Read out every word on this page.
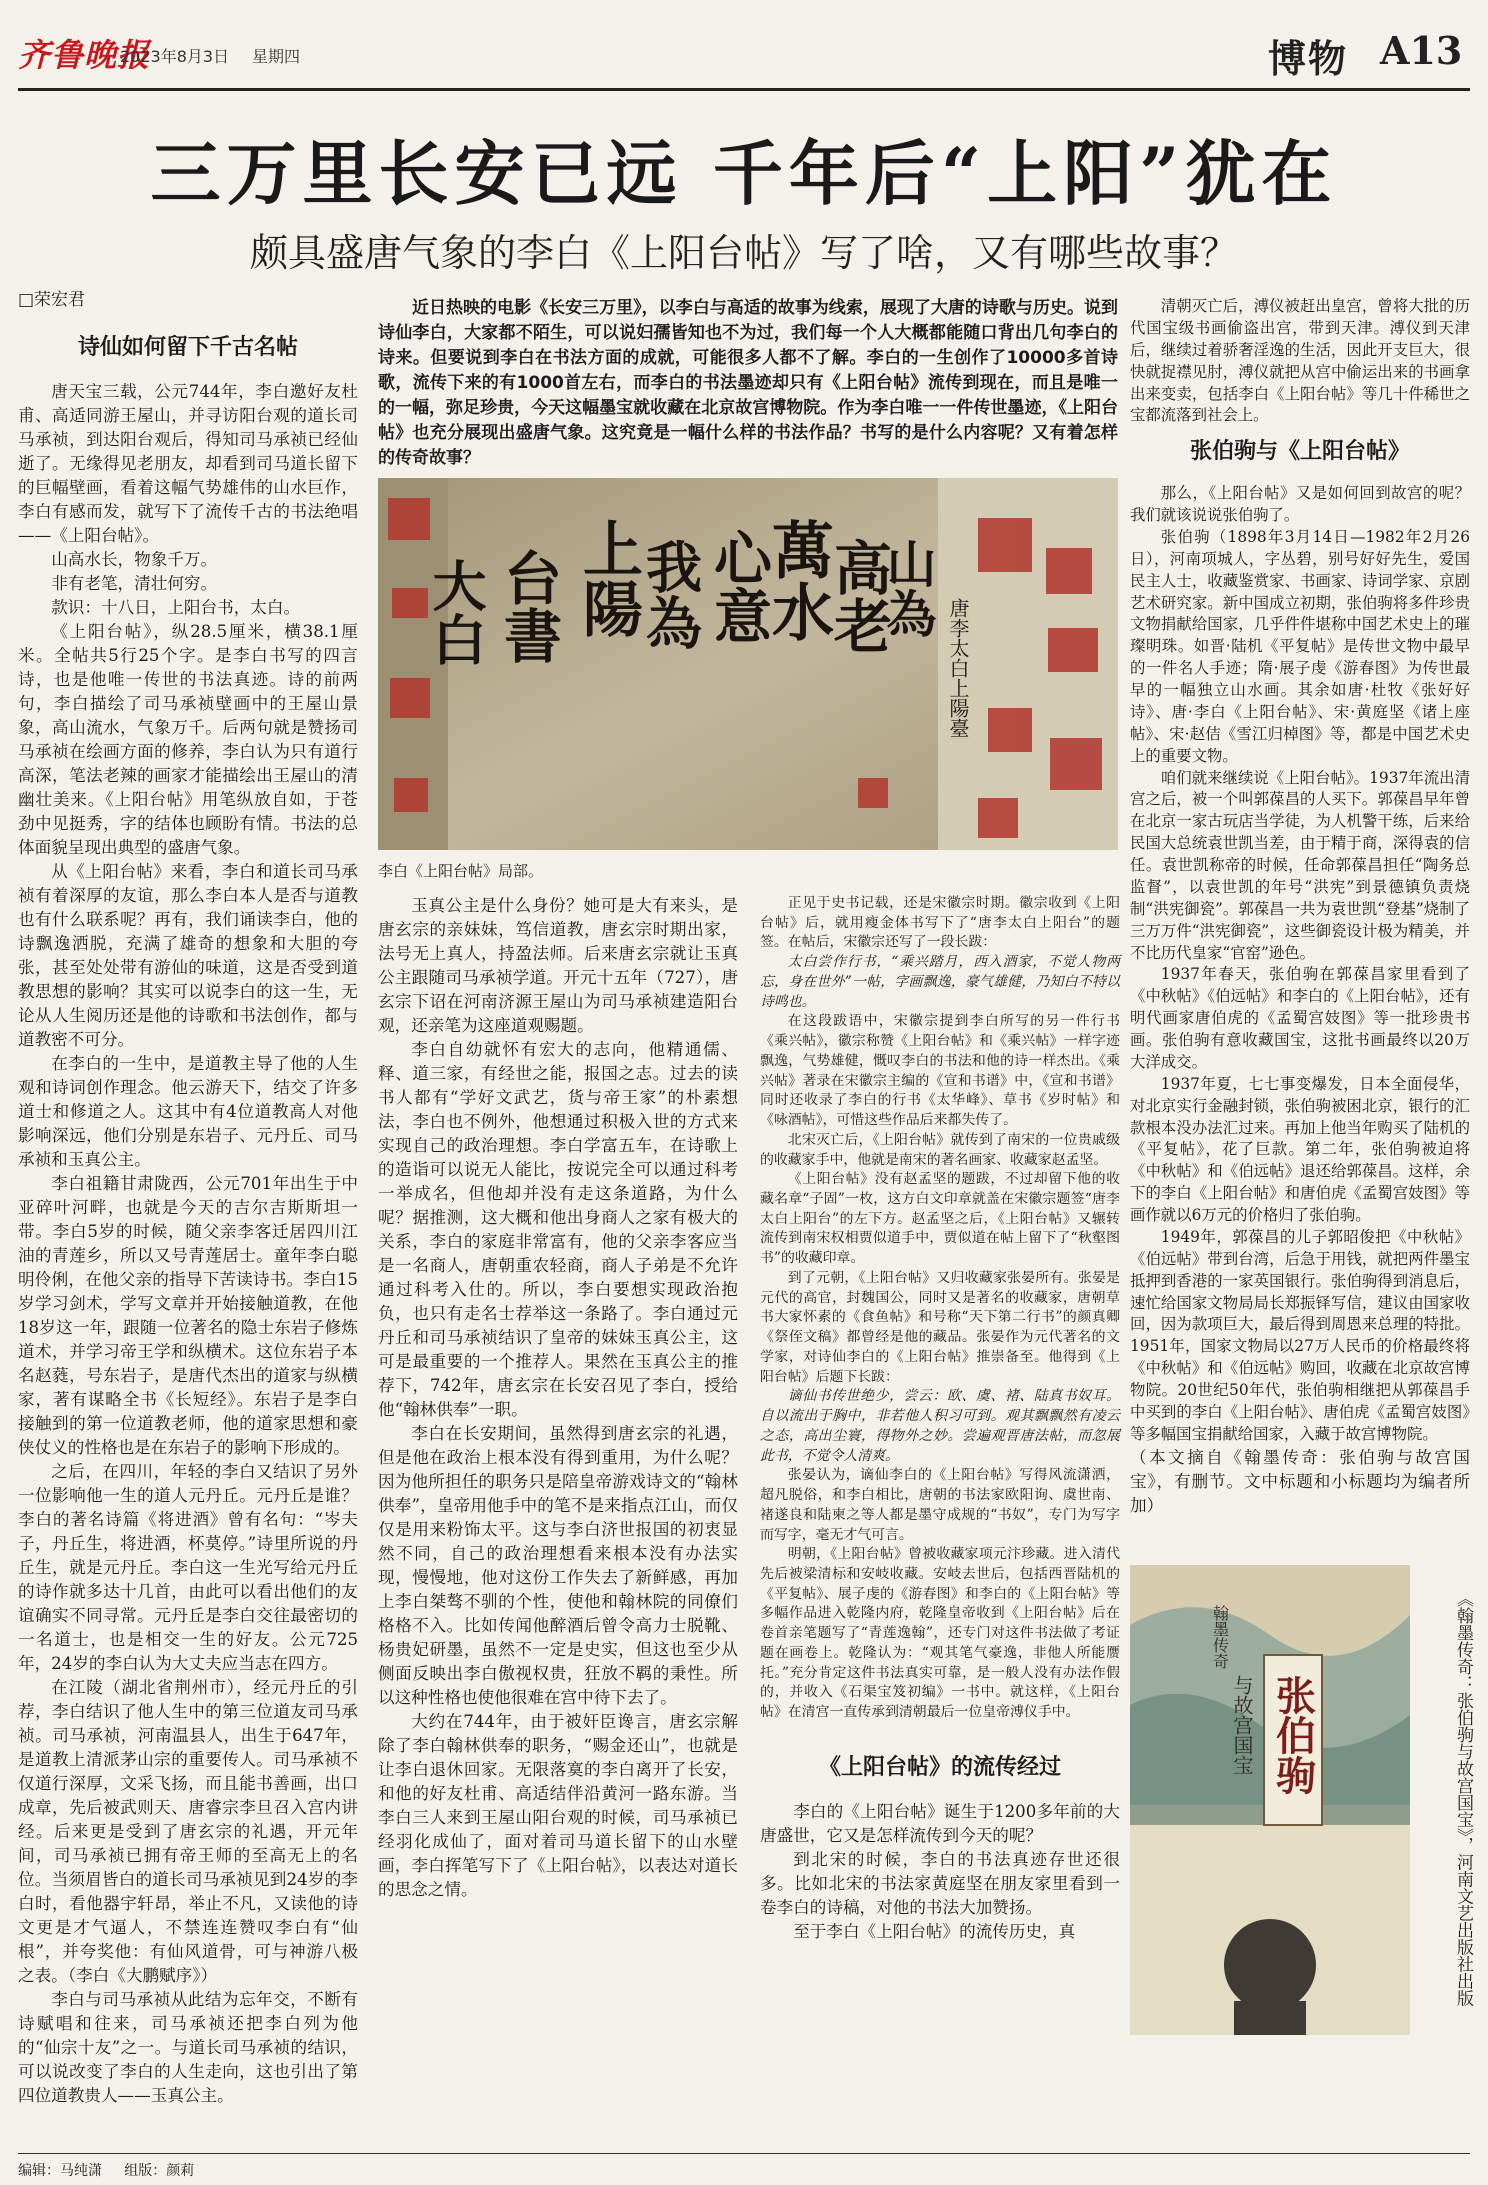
齐鲁晚报
2023年8月3日 星期四	博物 A13
三万里长安已远 千年后“上阳”犹在
颇具盛唐气象的李白《上阳台帖》写了啥，又有哪些故事？
□荣宏君
诗仙如何留下千古名帖

唐天宝三载，公元744年，李白邀好友杜甫、高适同游王屋山，并寻访阳台观的道长司马承祯，到达阳台观后，得知司马承祯已经仙逝了。无缘得见老朋友，却看到司马道长留下的巨幅壁画，看着这幅气势雄伟的山水巨作，李白有感而发，就写下了流传千古的书法绝唱——《上阳台帖》。

山高水长，物象千万。

非有老笔，清壮何穷。

款识：十八日，上阳台书，太白。

《上阳台帖》，纵28.5厘米，横38.1厘米。全帖共5行25个字。是李白书写的四言诗，也是他唯一传世的书法真迹。诗的前两句，李白描绘了司马承祯壁画中的王屋山景象，高山流水，气象万千。后两句就是赞扬司马承祯在绘画方面的修养，李白认为只有道行高深，笔法老辣的画家才能描绘出王屋山的清幽壮美来。《上阳台帖》用笔纵放自如，于苍劲中见挺秀，字的结体也顾盼有情。书法的总体面貌呈现出典型的盛唐气象。

从《上阳台帖》来看，李白和道长司马承祯有着深厚的友谊，那么李白本人是否与道教也有什么联系呢？再有，我们诵读李白，他的诗飘逸洒脱，充满了雄奇的想象和大胆的夸张，甚至处处带有游仙的味道，这是否受到道教思想的影响？其实可以说李白的这一生，无论从人生阅历还是他的诗歌和书法创作，都与道教密不可分。

在李白的一生中，是道教主导了他的人生观和诗词创作理念。他云游天下，结交了许多道士和修道之人。这其中有4位道教高人对他影响深远，他们分别是东岩子、元丹丘、司马承祯和玉真公主。

李白祖籍甘肃陇西，公元701年出生于中亚碎叶河畔，也就是今天的吉尔吉斯斯坦一带。李白5岁的时候，随父亲李客迁居四川江油的青莲乡，所以又号青莲居士。童年李白聪明伶俐，在他父亲的指导下苦读诗书。李白15岁学习剑术，学写文章并开始接触道教，在他18岁这一年，跟随一位著名的隐士东岩子修炼道术，并学习帝王学和纵横术。这位东岩子本名赵蕤，号东岩子，是唐代杰出的道家与纵横家，著有谋略全书《长短经》。东岩子是李白接触到的第一位道教老师，他的道家思想和豪侠仗义的性格也是在东岩子的影响下形成的。

之后，在四川，年轻的李白又结识了另外一位影响他一生的道人元丹丘。元丹丘是谁？李白的著名诗篇《将进酒》曾有名句：“岑夫子，丹丘生，将进酒，杯莫停。”诗里所说的丹丘生，就是元丹丘。李白这一生光写给元丹丘的诗作就多达十几首，由此可以看出他们的友谊确实不同寻常。元丹丘是李白交往最密切的一名道士，也是相交一生的好友。公元725年，24岁的李白认为大丈夫应当志在四方。

在江陵（湖北省荆州市），经元丹丘的引荐，李白结识了他人生中的第三位道友司马承祯。司马承祯，河南温县人，出生于647年，是道教上清派茅山宗的重要传人。司马承祯不仅道行深厚，文采飞扬，而且能书善画，出口成章，先后被武则天、唐睿宗李旦召入宫内讲经。后来更是受到了唐玄宗的礼遇，开元年间，司马承祯已拥有帝王师的至高无上的名位。当须眉皆白的道长司马承祯见到24岁的李白时，看他器宇轩昂，举止不凡，又读他的诗文更是才气逼人，不禁连连赞叹李白有“仙根”，并夸奖他：有仙风道骨，可与神游八极之表。（李白《大鹏赋序》）

李白与司马承祯从此结为忘年交，不断有诗赋唱和往来，司马承祯还把李白列为他的“仙宗十友”之一。与道长司马承祯的结识，可以说改变了李白的人生走向，这也引出了第四位道教贵人——玉真公主。

近日热映的电影《长安三万里》，以李白与高适的故事为线索，展现了大唐的诗歌与历史。说到诗仙李白，大家都不陌生，可以说妇孺皆知也不为过，我们每一个人大概都能随口背出几句李白的诗来。但要说到李白在书法方面的成就，可能很多人都不了解。李白的一生创作了10000多首诗歌，流传下来的有1000首左右，而李白的书法墨迹却只有《上阳台帖》流传到现在，而且是唯一的一幅，弥足珍贵，今天这幅墨宝就收藏在北京故宫博物院。作为李白唯一一件传世墨迹，《上阳台帖》也充分展现出盛唐气象。这究竟是一幅什么样的书法作品？书写的是什么内容呢？又有着怎样的传奇故事？
大白 台書 上陽
我為 心意
萬水
高老
山為
唐李太白上陽臺
李白《上阳台帖》局部。

玉真公主是什么身份？她可是大有来头，是唐玄宗的亲妹妹，笃信道教，唐玄宗时期出家，法号无上真人，持盈法师。后来唐玄宗就让玉真公主跟随司马承祯学道。开元十五年（727），唐玄宗下诏在河南济源王屋山为司马承祯建造阳台观，还亲笔为这座道观赐题。

李白自幼就怀有宏大的志向，他精通儒、释、道三家，有经世之能，报国之志。过去的读书人都有“学好文武艺，货与帝王家”的朴素想法，李白也不例外，他想通过积极入世的方式来实现自己的政治理想。李白学富五车，在诗歌上的造诣可以说无人能比，按说完全可以通过科考一举成名，但他却并没有走这条道路，为什么呢？据推测，这大概和他出身商人之家有极大的关系，李白的家庭非常富有，他的父亲李客应当是一名商人，唐朝重农轻商，商人子弟是不允许通过科考入仕的。所以，李白要想实现政治抱负，也只有走名士荐举这一条路了。李白通过元丹丘和司马承祯结识了皇帝的妹妹玉真公主，这可是最重要的一个推荐人。果然在玉真公主的推荐下，742年，唐玄宗在长安召见了李白，授给他“翰林供奉”一职。

李白在长安期间，虽然得到唐玄宗的礼遇，但是他在政治上根本没有得到重用，为什么呢？因为他所担任的职务只是陪皇帝游戏诗文的“翰林供奉”，皇帝用他手中的笔不是来指点江山，而仅仅是用来粉饰太平。这与李白济世报国的初衷显然不同，自己的政治理想看来根本没有办法实现，慢慢地，他对这份工作失去了新鲜感，再加上李白桀骜不驯的个性，使他和翰林院的同僚们格格不入。比如传闻他醉酒后曾令高力士脱靴、杨贵妃研墨，虽然不一定是史实，但这也至少从侧面反映出李白傲视权贵，狂放不羁的秉性。所以这种性格也使他很难在宫中待下去了。

大约在744年，由于被奸臣谗言，唐玄宗解除了李白翰林供奉的职务，“赐金还山”，也就是让李白退休回家。无限落寞的李白离开了长安，和他的好友杜甫、高适结伴沿黄河一路东游。当李白三人来到王屋山阳台观的时候，司马承祯已经羽化成仙了，面对着司马道长留下的山水壁画，李白挥笔写下了《上阳台帖》，以表达对道长的思念之情。

正见于史书记载，还是宋徽宗时期。徽宗收到《上阳台帖》后，就用瘦金体书写下了“唐李太白上阳台”的题签。在帖后，宋徽宗还写了一段长跋：

太白尝作行书，“乘兴踏月，西入酒家，不觉人物两忘，身在世外”一帖，字画飘逸，豪气雄健，乃知白不特以诗鸣也。

在这段跋语中，宋徽宗提到李白所写的另一件行书《乘兴帖》，徽宗称赞《上阳台帖》和《乘兴帖》一样字迹飘逸，气势雄健，慨叹李白的书法和他的诗一样杰出。《乘兴帖》著录在宋徽宗主编的《宣和书谱》中，《宣和书谱》同时还收录了李白的行书《太华峰》、草书《岁时帖》和《咏酒帖》，可惜这些作品后来都失传了。

北宋灭亡后，《上阳台帖》就传到了南宋的一位贵戚级的收藏家手中，他就是南宋的著名画家、收藏家赵孟坚。

《上阳台帖》没有赵孟坚的题跋，不过却留下他的收藏名章“子固”一枚，这方白文印章就盖在宋徽宗题签“唐李太白上阳台”的左下方。赵孟坚之后，《上阳台帖》又辗转流传到南宋权相贾似道手中，贾似道在帖上留下了“秋壑图书”的收藏印章。

到了元朝，《上阳台帖》又归收藏家张晏所有。张晏是元代的高官，封魏国公，同时又是著名的收藏家，唐朝草书大家怀素的《食鱼帖》和号称“天下第二行书”的颜真卿《祭侄文稿》都曾经是他的藏品。张晏作为元代著名的文学家，对诗仙李白的《上阳台帖》推崇备至。他得到《上阳台帖》后题下长跋：

谪仙书传世绝少，尝云：欧、虞、褚、陆真书奴耳。自以流出于胸中，非若他人积习可到。观其飘飘然有凌云之态，高出尘寰，得物外之妙。尝遍观晋唐法帖，而忽展此书，不觉令人清爽。

张晏认为，谪仙李白的《上阳台帖》写得风流潇洒，超凡脱俗，和李白相比，唐朝的书法家欧阳询、虞世南、褚遂良和陆柬之等人都是墨守成规的“书奴”，专门为写字而写字，毫无才气可言。

明朝，《上阳台帖》曾被收藏家项元汴珍藏。进入清代先后被梁清标和安岐收藏。安岐去世后，包括西晋陆机的《平复帖》、展子虔的《游春图》和李白的《上阳台帖》等多幅作品进入乾隆内府，乾隆皇帝收到《上阳台帖》后在卷首亲笔题写了“青莲逸翰”，还专门对这件书法做了考证题在画卷上。乾隆认为：“观其笔气豪逸，非他人所能赝托。”充分肯定这件书法真实可靠，是一般人没有办法作假的，并收入《石渠宝笈初编》一书中。就这样，《上阳台帖》在清宫一直传承到清朝最后一位皇帝溥仪手中。

《上阳台帖》的流传经过

李白的《上阳台帖》诞生于1200多年前的大唐盛世，它又是怎样流传到今天的呢？

到北宋的时候，李白的书法真迹存世还很多。比如北宋的书法家黄庭坚在朋友家里看到一卷李白的诗稿，对他的书法大加赞扬。

至于李白《上阳台帖》的流传历史，真

清朝灭亡后，溥仪被赶出皇宫，曾将大批的历代国宝级书画偷盗出宫，带到天津。溥仪到天津后，继续过着骄奢淫逸的生活，因此开支巨大，很快就捉襟见肘，溥仪就把从宫中偷运出来的书画拿出来变卖，包括李白《上阳台帖》等几十件稀世之宝都流落到社会上。

张伯驹与《上阳台帖》

那么，《上阳台帖》又是如何回到故宫的呢？我们就该说说张伯驹了。

张伯驹（1898年3月14日—1982年2月26日），河南项城人，字丛碧，别号好好先生，爱国民主人士，收藏鉴赏家、书画家、诗词学家、京剧艺术研究家。新中国成立初期，张伯驹将多件珍贵文物捐献给国家，几乎件件堪称中国艺术史上的璀璨明珠。如晋·陆机《平复帖》是传世文物中最早的一件名人手迹；隋·展子虔《游春图》为传世最早的一幅独立山水画。其余如唐·杜牧《张好好诗》、唐·李白《上阳台帖》、宋·黄庭坚《诸上座帖》、宋·赵佶《雪江归棹图》等，都是中国艺术史上的重要文物。

咱们就来继续说《上阳台帖》。1937年流出清宫之后，被一个叫郭葆昌的人买下。郭葆昌早年曾在北京一家古玩店当学徒，为人机警干练，后来给民国大总统袁世凯当差，由于精于商，深得袁的信任。袁世凯称帝的时候，任命郭葆昌担任“陶务总监督”，以袁世凯的年号“洪宪”到景德镇负责烧制“洪宪御瓷”。郭葆昌一共为袁世凯“登基”烧制了三万万件“洪宪御瓷”，这些御瓷设计极为精美，并不比历代皇家“官窑”逊色。

1937年春天，张伯驹在郭葆昌家里看到了《中秋帖》《伯远帖》和李白的《上阳台帖》，还有明代画家唐伯虎的《孟蜀宫妓图》等一批珍贵书画。张伯驹有意收藏国宝，这批书画最终以20万大洋成交。

1937年夏，七七事变爆发，日本全面侵华，对北京实行金融封锁，张伯驹被困北京，银行的汇款根本没办法汇过来。再加上他当年购买了陆机的《平复帖》，花了巨款。第二年，张伯驹被迫将《中秋帖》和《伯远帖》退还给郭葆昌。这样，余下的李白《上阳台帖》和唐伯虎《孟蜀宫妓图》等画作就以6万元的价格归了张伯驹。

1949年，郭葆昌的儿子郭昭俊把《中秋帖》《伯远帖》带到台湾，后急于用钱，就把两件墨宝抵押到香港的一家英国银行。张伯驹得到消息后，速忙给国家文物局局长郑振铎写信，建议由国家收回，因为款项巨大，最后得到周恩来总理的特批。1951年，国家文物局以27万人民币的价格最终将《中秋帖》和《伯远帖》购回，收藏在北京故宫博物院。20世纪50年代，张伯驹相继把从郭葆昌手中买到的李白《上阳台帖》、唐伯虎《孟蜀宫妓图》等多幅国宝捐献给国家，入藏于故宫博物院。

（本文摘自《翰墨传奇：张伯驹与故宫国宝》，有删节。文中标题和小标题均为编者所加）

张伯驹
与故宫国宝
翰墨传奇	《翰墨传奇：张伯驹与故宫国宝》，河南文艺出版社出版
编辑：马纯潇 组版：颜莉
